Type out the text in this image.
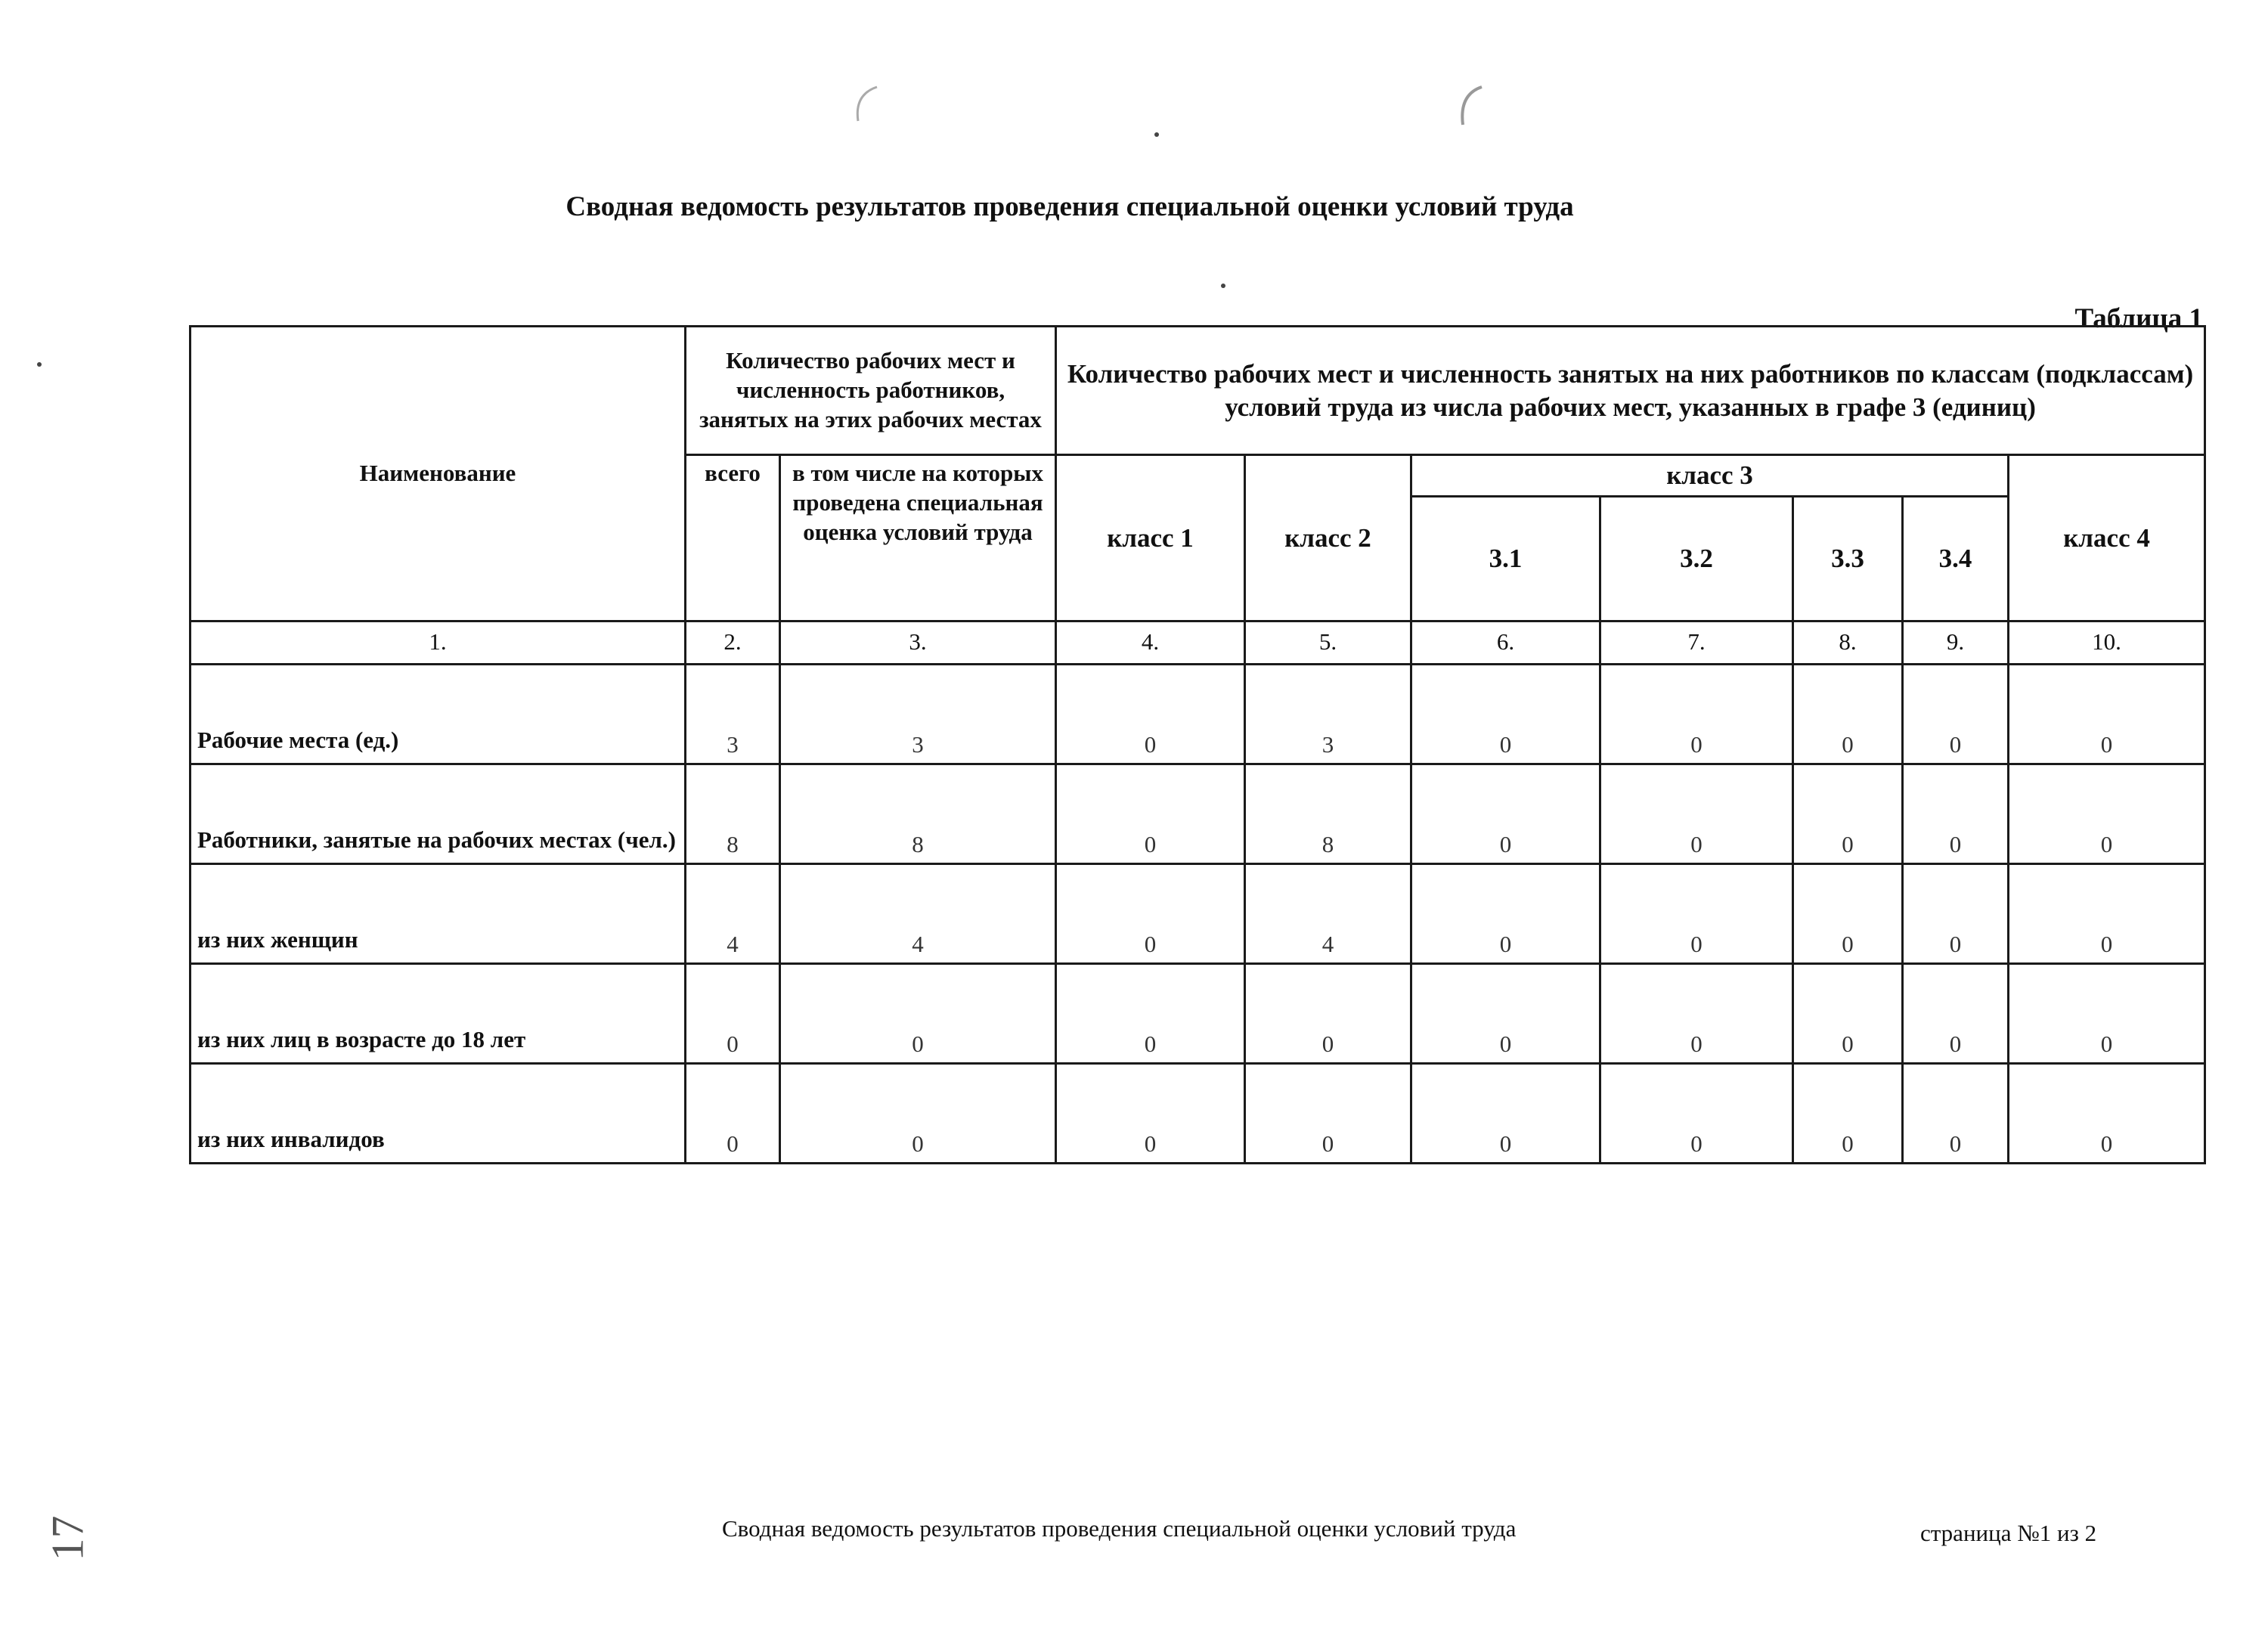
Сводная ведомость результатов проведения специальной оценки условий труда
Таблица 1
Наименование	Количество рабочих мест и численность работников, занятых на этих рабочих местах		Количество рабочих мест и численность занятых на них работников по классам (подклассам) условий труда из числа рабочих мест, указанных в графе 3 (единиц)						
	всего	в том числе на которых проведена специальная оценка условий труда	класс 1	класс 2	класс 3				класс 4
					3.1	3.2	3.3	3.4	
1.	2.	3.	4.	5.	6.	7.	8.	9.	10.
Рабочие места (ед.)	3	3	0	3	0	0	0	0	0
Работники, занятые на рабочих местах (чел.)	8	8	0	8	0	0	0	0	0
из них женщин	4	4	0	4	0	0	0	0	0
из них лиц в возрасте до 18 лет	0	0	0	0	0	0	0	0	0
из них инвалидов	0	0	0	0	0	0	0	0	0
Сводная ведомость результатов проведения специальной оценки условий труда	страница №1 из 2
17
